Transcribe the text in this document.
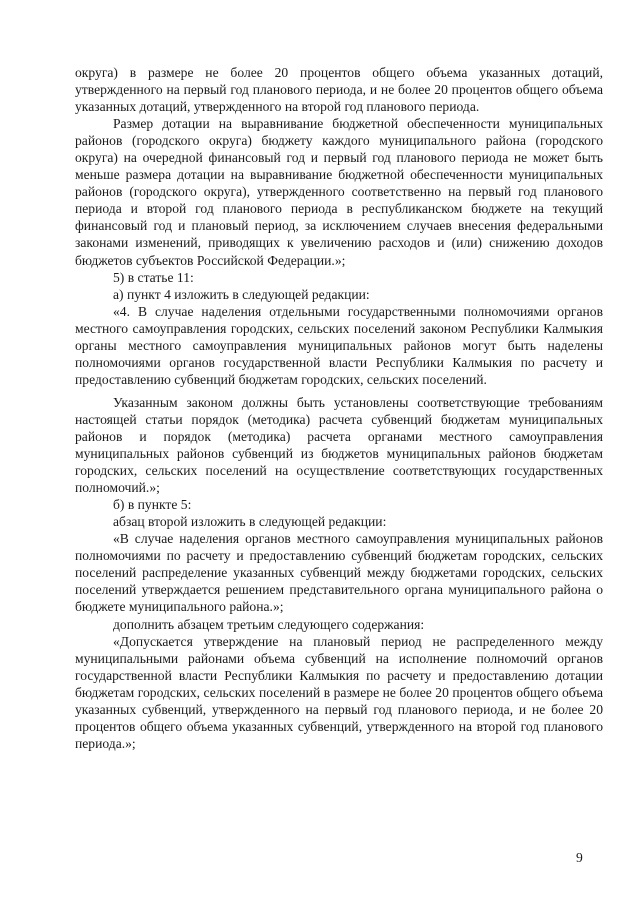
округа) в размере не более 20 процентов общего объема указанных дотаций, утвержденного на первый год планового периода, и не более 20 процентов общего объема указанных дотаций, утвержденного на второй год планового периода.

Размер дотации на выравнивание бюджетной обеспеченности муниципальных районов (городского округа) бюджету каждого муниципального района (городского округа) на очередной финансовый год и первый год планового периода не может быть меньше размера дотации на выравнивание бюджетной обеспеченности муниципальных районов (городского округа), утвержденного соответственно на первый год планового периода и второй год планового периода в республиканском бюджете на текущий финансовый год и плановый период, за исключением случаев внесения федеральными законами изменений, приводящих к увеличению расходов и (или) снижению доходов бюджетов субъектов Российской Федерации.»;

5) в статье 11:

а) пункт 4 изложить в следующей редакции:

«4. В случае наделения отдельными государственными полномочиями органов местного самоуправления городских, сельских поселений законом Республики Калмыкия органы местного самоуправления муниципальных районов могут быть наделены полномочиями органов государственной власти Республики Калмыкия по расчету и предоставлению субвенций бюджетам городских, сельских поселений.

Указанным законом должны быть установлены соответствующие требованиям настоящей статьи порядок (методика) расчета субвенций бюджетам муниципальных районов и порядок (методика) расчета органами местного самоуправления муниципальных районов субвенций из бюджетов муниципальных районов бюджетам городских, сельских поселений на осуществление соответствующих государственных полномочий.»;

б) в пункте 5:

абзац второй изложить в следующей редакции:

«В случае наделения органов местного самоуправления муниципальных районов полномочиями по расчету и предоставлению субвенций бюджетам городских, сельских поселений распределение указанных субвенций между бюджетами городских, сельских поселений утверждается решением представительного органа муниципального района о бюджете муниципального района.»;

дополнить абзацем третьим следующего содержания:

«Допускается утверждение на плановый период не распределенного между муниципальными районами объема субвенций на исполнение полномочий органов государственной власти Республики Калмыкия по расчету и предоставлению дотации бюджетам городских, сельских поселений в размере не более 20 процентов общего объема указанных субвенций, утвержденного на первый год планового периода, и не более 20 процентов общего объема указанных субвенций, утвержденного на второй год планового периода.»;

9
